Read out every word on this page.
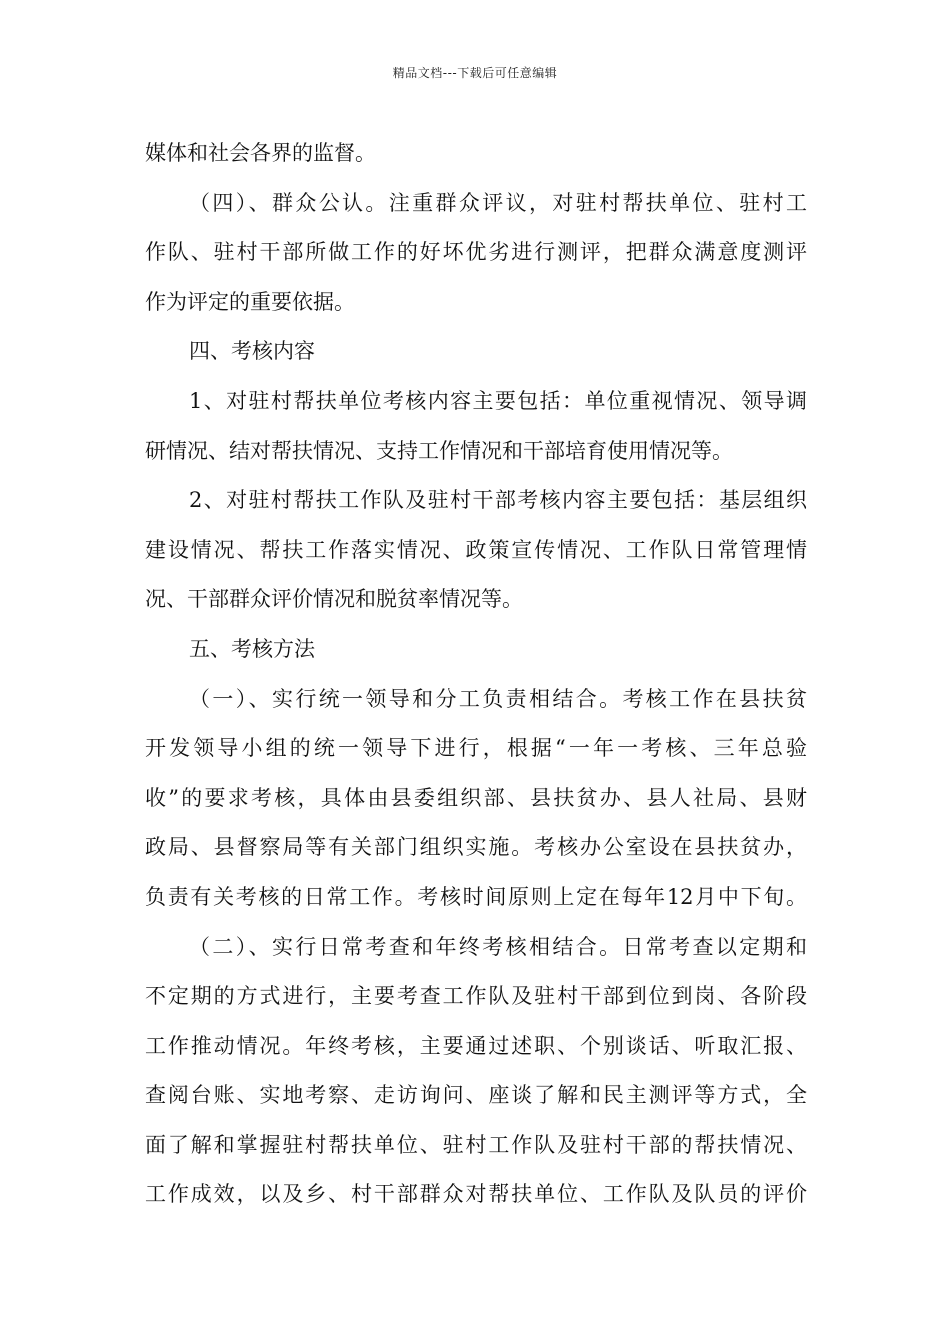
精品文档---下载后可任意编辑
媒体和社会各界的监督。
（四）、群众公认。注重群众评议，对驻村帮扶单位、驻村工
作队、驻村干部所做工作的好坏优劣进行测评，把群众满意度测评
作为评定的重要依据。
四、考核内容
1、对驻村帮扶单位考核内容主要包括：单位重视情况、领导调
研情况、结对帮扶情况、支持工作情况和干部培育使用情况等。
2、对驻村帮扶工作队及驻村干部考核内容主要包括：基层组织
建设情况、帮扶工作落实情况、政策宣传情况、工作队日常管理情
况、干部群众评价情况和脱贫率情况等。
五、考核方法
（一）、实行统一领导和分工负责相结合。考核工作在县扶贫
开发领导小组的统一领导下进行，根据“一年一考核、三年总验
收”的要求考核，具体由县委组织部、县扶贫办、县人社局、县财
政局、县督察局等有关部门组织实施。考核办公室设在县扶贫办，
负责有关考核的日常工作。考核时间原则上定在每年12月中下旬。
（二）、实行日常考查和年终考核相结合。日常考查以定期和
不定期的方式进行，主要考查工作队及驻村干部到位到岗、各阶段
工作推动情况。年终考核，主要通过述职、个别谈话、听取汇报、
查阅台账、实地考察、走访询问、座谈了解和民主测评等方式，全
面了解和掌握驻村帮扶单位、驻村工作队及驻村干部的帮扶情况、
工作成效，以及乡、村干部群众对帮扶单位、工作队及队员的评价
